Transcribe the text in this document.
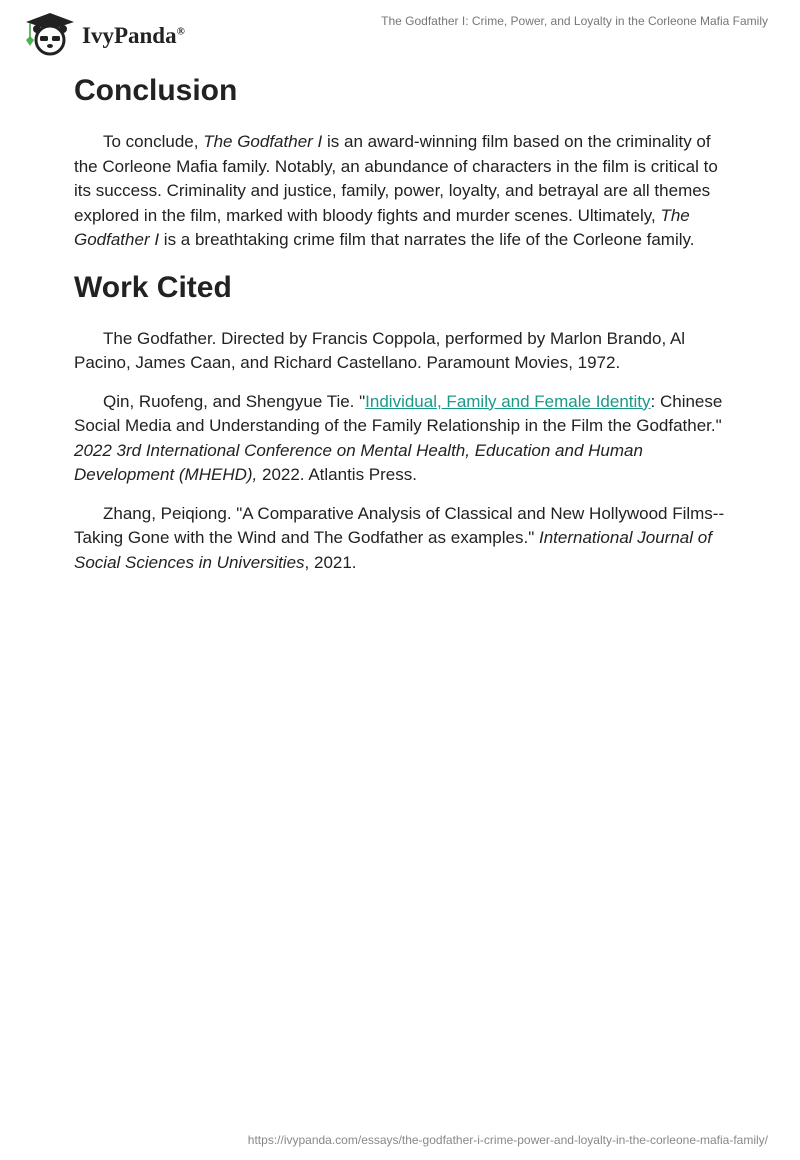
IvyPanda®
The Godfather I: Crime, Power, and Loyalty in the Corleone Mafia Family
Conclusion

To conclude, The Godfather I is an award-winning film based on the criminality of the Corleone Mafia family. Notably, an abundance of characters in the film is critical to its success. Criminality and justice, family, power, loyalty, and betrayal are all themes explored in the film, marked with bloody fights and murder scenes. Ultimately, The Godfather I is a breathtaking crime film that narrates the life of the Corleone family.

Work Cited

The Godfather. Directed by Francis Coppola, performed by Marlon Brando, Al Pacino, James Caan, and Richard Castellano. Paramount Movies, 1972.

Qin, Ruofeng, and Shengyue Tie. "Individual, Family and Female Identity: Chinese Social Media and Understanding of the Family Relationship in the Film the Godfather." 2022 3rd International Conference on Mental Health, Education and Human Development (MHEHD), 2022. Atlantis Press.

Zhang, Peiqiong. "A Comparative Analysis of Classical and New Hollywood Films--Taking Gone with the Wind and The Godfather as examples." International Journal of Social Sciences in Universities, 2021.

https://ivypanda.com/essays/the-godfather-i-crime-power-and-loyalty-in-the-corleone-mafia-family/
